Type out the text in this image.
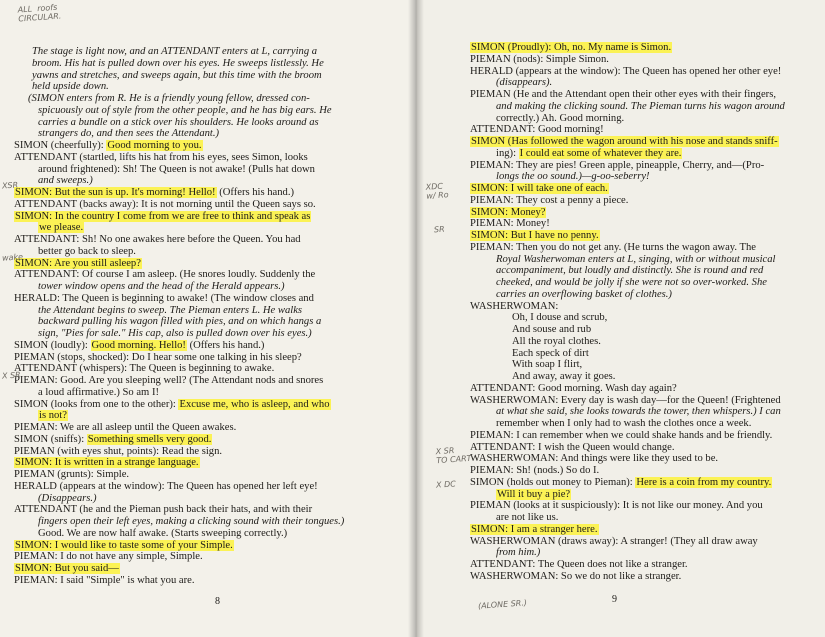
The stage is light now, and an ATTENDANT enters at L, carrying a
broom. His hat is pulled down over his eyes. He sweeps listlessly. He
yawns and stretches, and sweeps again, but this time with the broom
held upside down.
(SIMON enters from R. He is a friendly young fellow, dressed con-
spicuously out of style from the other people, and he has big ears. He
carries a bundle on a stick over his shoulders. He looks around as
strangers do, and then sees the Attendant.)
SIMON (cheerfully): Good morning to you.
ATTENDANT (startled, lifts his hat from his eyes, sees Simon, looks
around frightened): Sh! The Queen is not awake! (Pulls hat down
and sweeps.)
SIMON: But the sun is up. It's morning! Hello! (Offers his hand.)
ATTENDANT (backs away): It is not morning until the Queen says so.
SIMON: In the country I come from we are free to think and speak as
we please.
ATTENDANT: Sh! No one awakes here before the Queen. You had
better go back to sleep.
SIMON: Are you still asleep?
ATTENDANT: Of course I am asleep. (He snores loudly. Suddenly the
tower window opens and the head of the Herald appears.)
HERALD: The Queen is beginning to awake! (The window closes and
the Attendant begins to sweep. The Pieman enters L. He walks
backward pulling his wagon filled with pies, and on which hangs a
sign, "Pies for sale." His cap, also is pulled down over his eyes.)
SIMON (loudly): Good morning. Hello! (Offers his hand.)
PIEMAN (stops, shocked): Do I hear some one talking in his sleep?
ATTENDANT (whispers): The Queen is beginning to awake.
PIEMAN: Good. Are you sleeping well? (The Attendant nods and snores
a loud affirmative.) So am I!
SIMON (looks from one to the other): Excuse me, who is asleep, and who
is not?
PIEMAN: We are all asleep until the Queen awakes.
SIMON (sniffs): Something smells very good.
PIEMAN (with eyes shut, points): Read the sign.
SIMON: It is written in a strange language.
PIEMAN (grunts): Simple.
HERALD (appears at the window): The Queen has opened her left eye!
(Disappears.)
ATTENDANT (he and the Pieman push back their hats, and with their
fingers open their left eyes, making a clicking sound with their tongues.)
Good. We are now half awake. (Starts sweeping correctly.)
SIMON: I would like to taste some of your Simple.
PIEMAN: I do not have any simple, Simple.
SIMON: But you said—
PIEMAN: I said "Simple" is what you are.
ALL  roofs
CIRCULAR.
XSR
wake
X SR
8
SIMON (Proudly): Oh, no. My name is Simon.
PIEMAN (nods): Simple Simon.
HERALD (appears at the window): The Queen has opened her other eye!
(disappears).
PIEMAN (He and the Attendant open their other eyes with their fingers,
and making the clicking sound. The Pieman turns his wagon around
correctly.) Ah. Good morning.
ATTENDANT: Good morning!
SIMON (Has followed the wagon around with his nose and stands sniff-
ing): I could eat some of whatever they are.
PIEMAN: They are pies! Green apple, pineapple, Cherry, and—(Pro-
longs the oo sound.)—g-oo-seberry!
SIMON: I will take one of each.
PIEMAN: They cost a penny a piece.
SIMON: Money?
PIEMAN: Money!
SIMON: But I have no penny.
PIEMAN: Then you do not get any. (He turns the wagon away. The
Royal Washerwoman enters at L, singing, with or without musical
accompaniment, but loudly and distinctly. She is round and red
cheeked, and would be jolly if she were not so over-worked. She
carries an overflowing basket of clothes.)
WASHERWOMAN:
Oh, I douse and scrub,
And souse and rub
All the royal clothes.
Each speck of dirt
With soap I flirt,
And away, away it goes.
ATTENDANT: Good morning. Wash day again?
WASHERWOMAN: Every day is wash day—for the Queen! (Frightened
at what she said, she looks towards the tower, then whispers.) I can
remember when I only had to wash the clothes once a week.
PIEMAN: I can remember when we could shake hands and be friendly.
ATTENDANT: I wish the Queen would change.
WASHERWOMAN: And things were like they used to be.
PIEMAN: Sh! (nods.) So do I.
SIMON (holds out money to Pieman): Here is a coin from my country.
Will it buy a pie?
PIEMAN (looks at it suspiciously): It is not like our money. And you
are not like us.
SIMON: I am a stranger here.
WASHERWOMAN (draws away): A stranger! (They all draw away
from him.)
ATTENDANT: The Queen does not like a stranger.
WASHERWOMAN: So we do not like a stranger.
XDC
w/ Ro
SR
X SR
TO CART
X DC
(ALONE SR.)	9
